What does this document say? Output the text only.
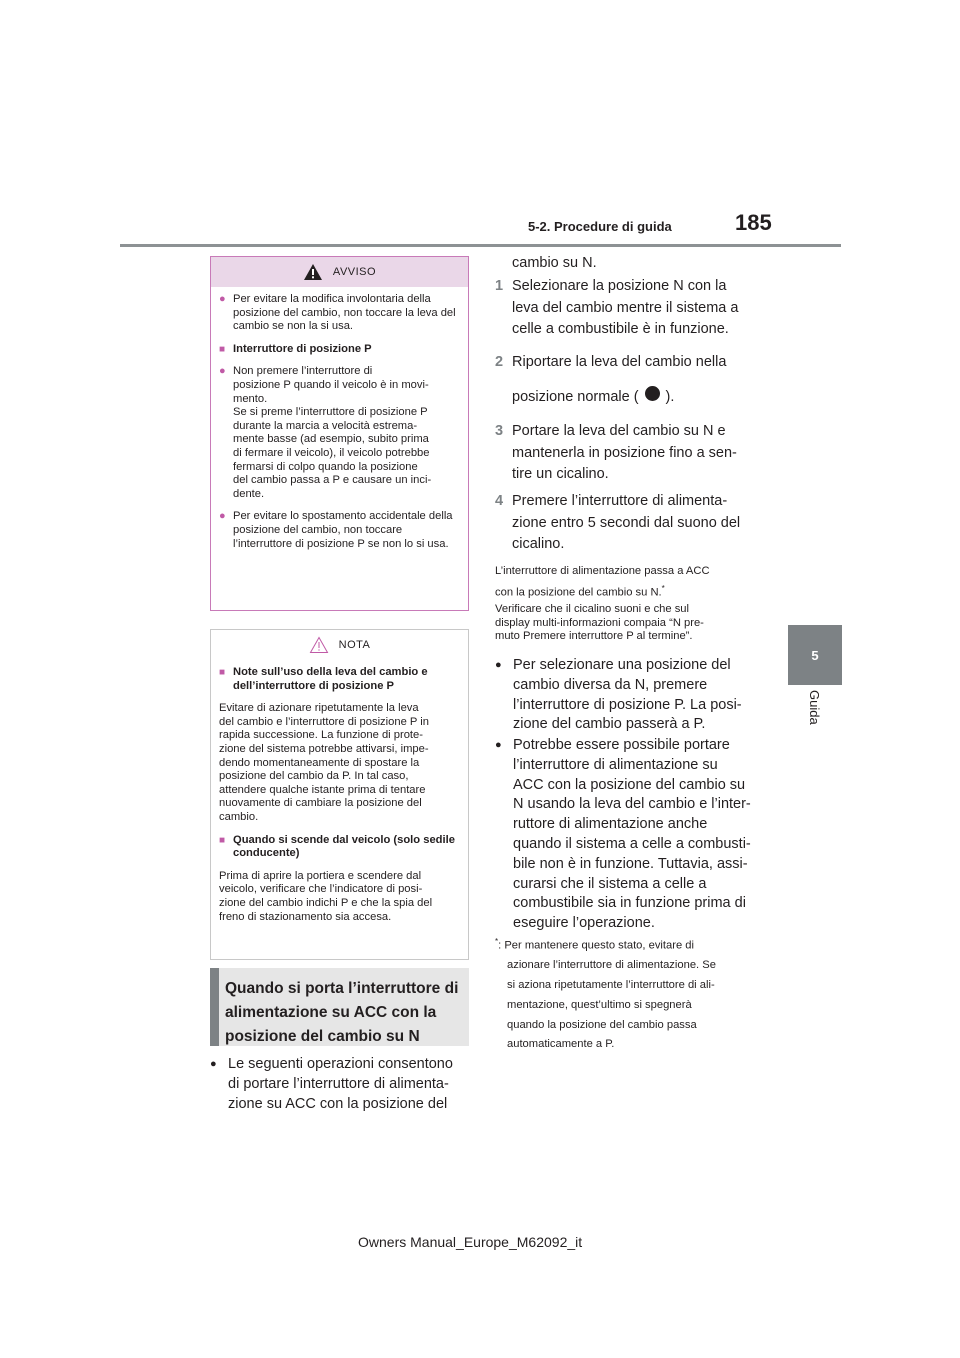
5-2. Procedure di guida	185
5
Guida
AVVISO
● Per evitare la modifica involontaria della posizione del cambio, non toccare la leva del cambio se non la si usa.
■ Interruttore di posizione P
● Non premere l’interruttore di
posizione P quando il veicolo è in movi-
mento.
Se si preme l’interruttore di posizione P
durante la marcia a velocità estrema-
mente basse (ad esempio, subito prima
di fermare il veicolo), il veicolo potrebbe
fermarsi di colpo quando la posizione
del cambio passa a P e causare un inci-
dente.
● Per evitare lo spostamento accidentale della posizione del cambio, non toccare l’interruttore di posizione P se non lo si usa.
NOTA
■ Note sull’uso della leva del cambio e dell’interruttore di posizione P
Evitare di azionare ripetutamente la leva
del cambio e l’interruttore di posizione P in
rapida successione. La funzione di prote-
zione del sistema potrebbe attivarsi, impe-
dendo momentaneamente di spostare la
posizione del cambio da P. In tal caso,
attendere qualche istante prima di tentare
nuovamente di cambiare la posizione del
cambio.
■ Quando si scende dal veicolo (solo sedile conducente)
Prima di aprire la portiera e scendere dal
veicolo, verificare che l’indicatore di posi-
zione del cambio indichi P e che la spia del
freno di stazionamento sia accesa.
Quando si porta l’interruttore di
alimentazione su ACC con la
posizione del cambio su N
● Le seguenti operazioni consentono
di portare l’interruttore di alimenta-
zione su ACC con la posizione del
cambio su N.
1 Selezionare la posizione N con la
leva del cambio mentre il sistema a
celle a combustibile è in funzione.
2 Riportare la leva del cambio nella
posizione normale ( ).
3 Portare la leva del cambio su N e
mantenerla in posizione fino a sen-
tire un cicalino.
4 Premere l’interruttore di alimenta-
zione entro 5 secondi dal suono del
cicalino.
L’interruttore di alimentazione passa a ACC
con la posizione del cambio su N.*
Verificare che il cicalino suoni e che sul
display multi-informazioni compaia “N pre-
muto Premere interruttore P al termine”.
● Per selezionare una posizione del
cambio diversa da N, premere
l’interruttore di posizione P. La posi-
zione del cambio passerà a P.
● Potrebbe essere possibile portare
l’interruttore di alimentazione su
ACC con la posizione del cambio su
N usando la leva del cambio e l’inter-
ruttore di alimentazione anche
quando il sistema a celle a combusti-
bile non è in funzione. Tuttavia, assi-
curarsi che il sistema a celle a
combustibile sia in funzione prima di
eseguire l’operazione.
*: Per mantenere questo stato, evitare di
azionare l’interruttore di alimentazione. Se
si aziona ripetutamente l’interruttore di ali-
mentazione, quest’ultimo si spegnerà
quando la posizione del cambio passa
automaticamente a P.
Owners Manual_Europe_M62092_it
